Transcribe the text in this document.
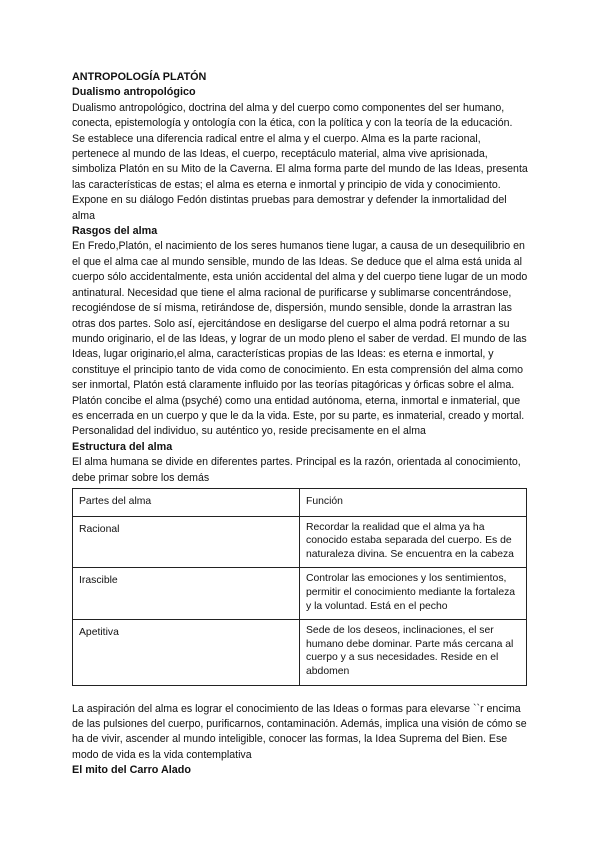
ANTROPOLOGÍA PLATÓN
Dualismo antropológico

Dualismo antropológico, doctrina del alma y del cuerpo como componentes del ser humano, conecta, epistemología y ontología con la ética, con la política y con la teoría de la educación. Se establece una diferencia radical entre el alma y el cuerpo. Alma es la parte racional, pertenece al mundo de las Ideas, el cuerpo, receptáculo material, alma vive aprisionada, simboliza Platón en su Mito de la Caverna. El alma forma parte del mundo de las Ideas, presenta las características de estas; el alma es eterna e inmortal y principio de vida y conocimiento. Expone en su diálogo Fedón distintas pruebas para demostrar y defender la inmortalidad del alma

Rasgos del alma

En Fredo,Platón, el nacimiento de los seres humanos tiene lugar, a causa de un desequilibrio en el que el alma cae al mundo sensible, mundo de las Ideas. Se deduce que el alma está unida al cuerpo sólo accidentalmente, esta unión accidental del alma y del cuerpo tiene lugar de un modo antinatural. Necesidad que tiene el alma racional de purificarse y sublimarse concentrándose, recogiéndose de sí misma, retirándose de, dispersión, mundo sensible, donde la arrastran las otras dos partes. Solo así, ejercitándose en desligarse del cuerpo el alma podrá retornar a su mundo originario, el de las Ideas, y lograr de un modo pleno el saber de verdad. El mundo de las Ideas, lugar originario,el alma, características propias de las Ideas: es eterna e inmortal, y constituye el principio tanto de vida como de conocimiento. En esta comprensión del alma como ser inmortal, Platón está claramente influido por las teorías pitagóricas y órficas sobre el alma. Platón concibe el alma (psyché) como una entidad autónoma, eterna, inmortal e inmaterial, que es encerrada en un cuerpo y que le da la vida. Este, por su parte, es inmaterial, creado y mortal. Personalidad del individuo, su auténtico yo, reside precisamente en el alma

Estructura del alma

El alma humana se divide en diferentes partes. Principal es la razón, orientada al conocimiento, debe primar sobre los demás

Partes del alma	Función
Racional	Recordar la realidad que el alma ya ha conocido estaba separada del cuerpo. Es de naturaleza divina. Se encuentra en la cabeza
Irascible	Controlar las emociones y los sentimientos, permitir el conocimiento mediante la fortaleza y la voluntad. Está en el pecho
Apetitiva	Sede de los deseos, inclinaciones, el ser humano debe dominar. Parte más cercana al cuerpo y a sus necesidades. Reside en el abdomen

La aspiración del alma es lograr el conocimiento de las Ideas o formas para elevarse ``r encima de las pulsiones del cuerpo, purificarnos, contaminación. Además, implica una visión de cómo se ha de vivir, ascender al mundo inteligible, conocer las formas, la Idea Suprema del Bien. Ese modo de vida es la vida contemplativa

El mito del Carro Alado
